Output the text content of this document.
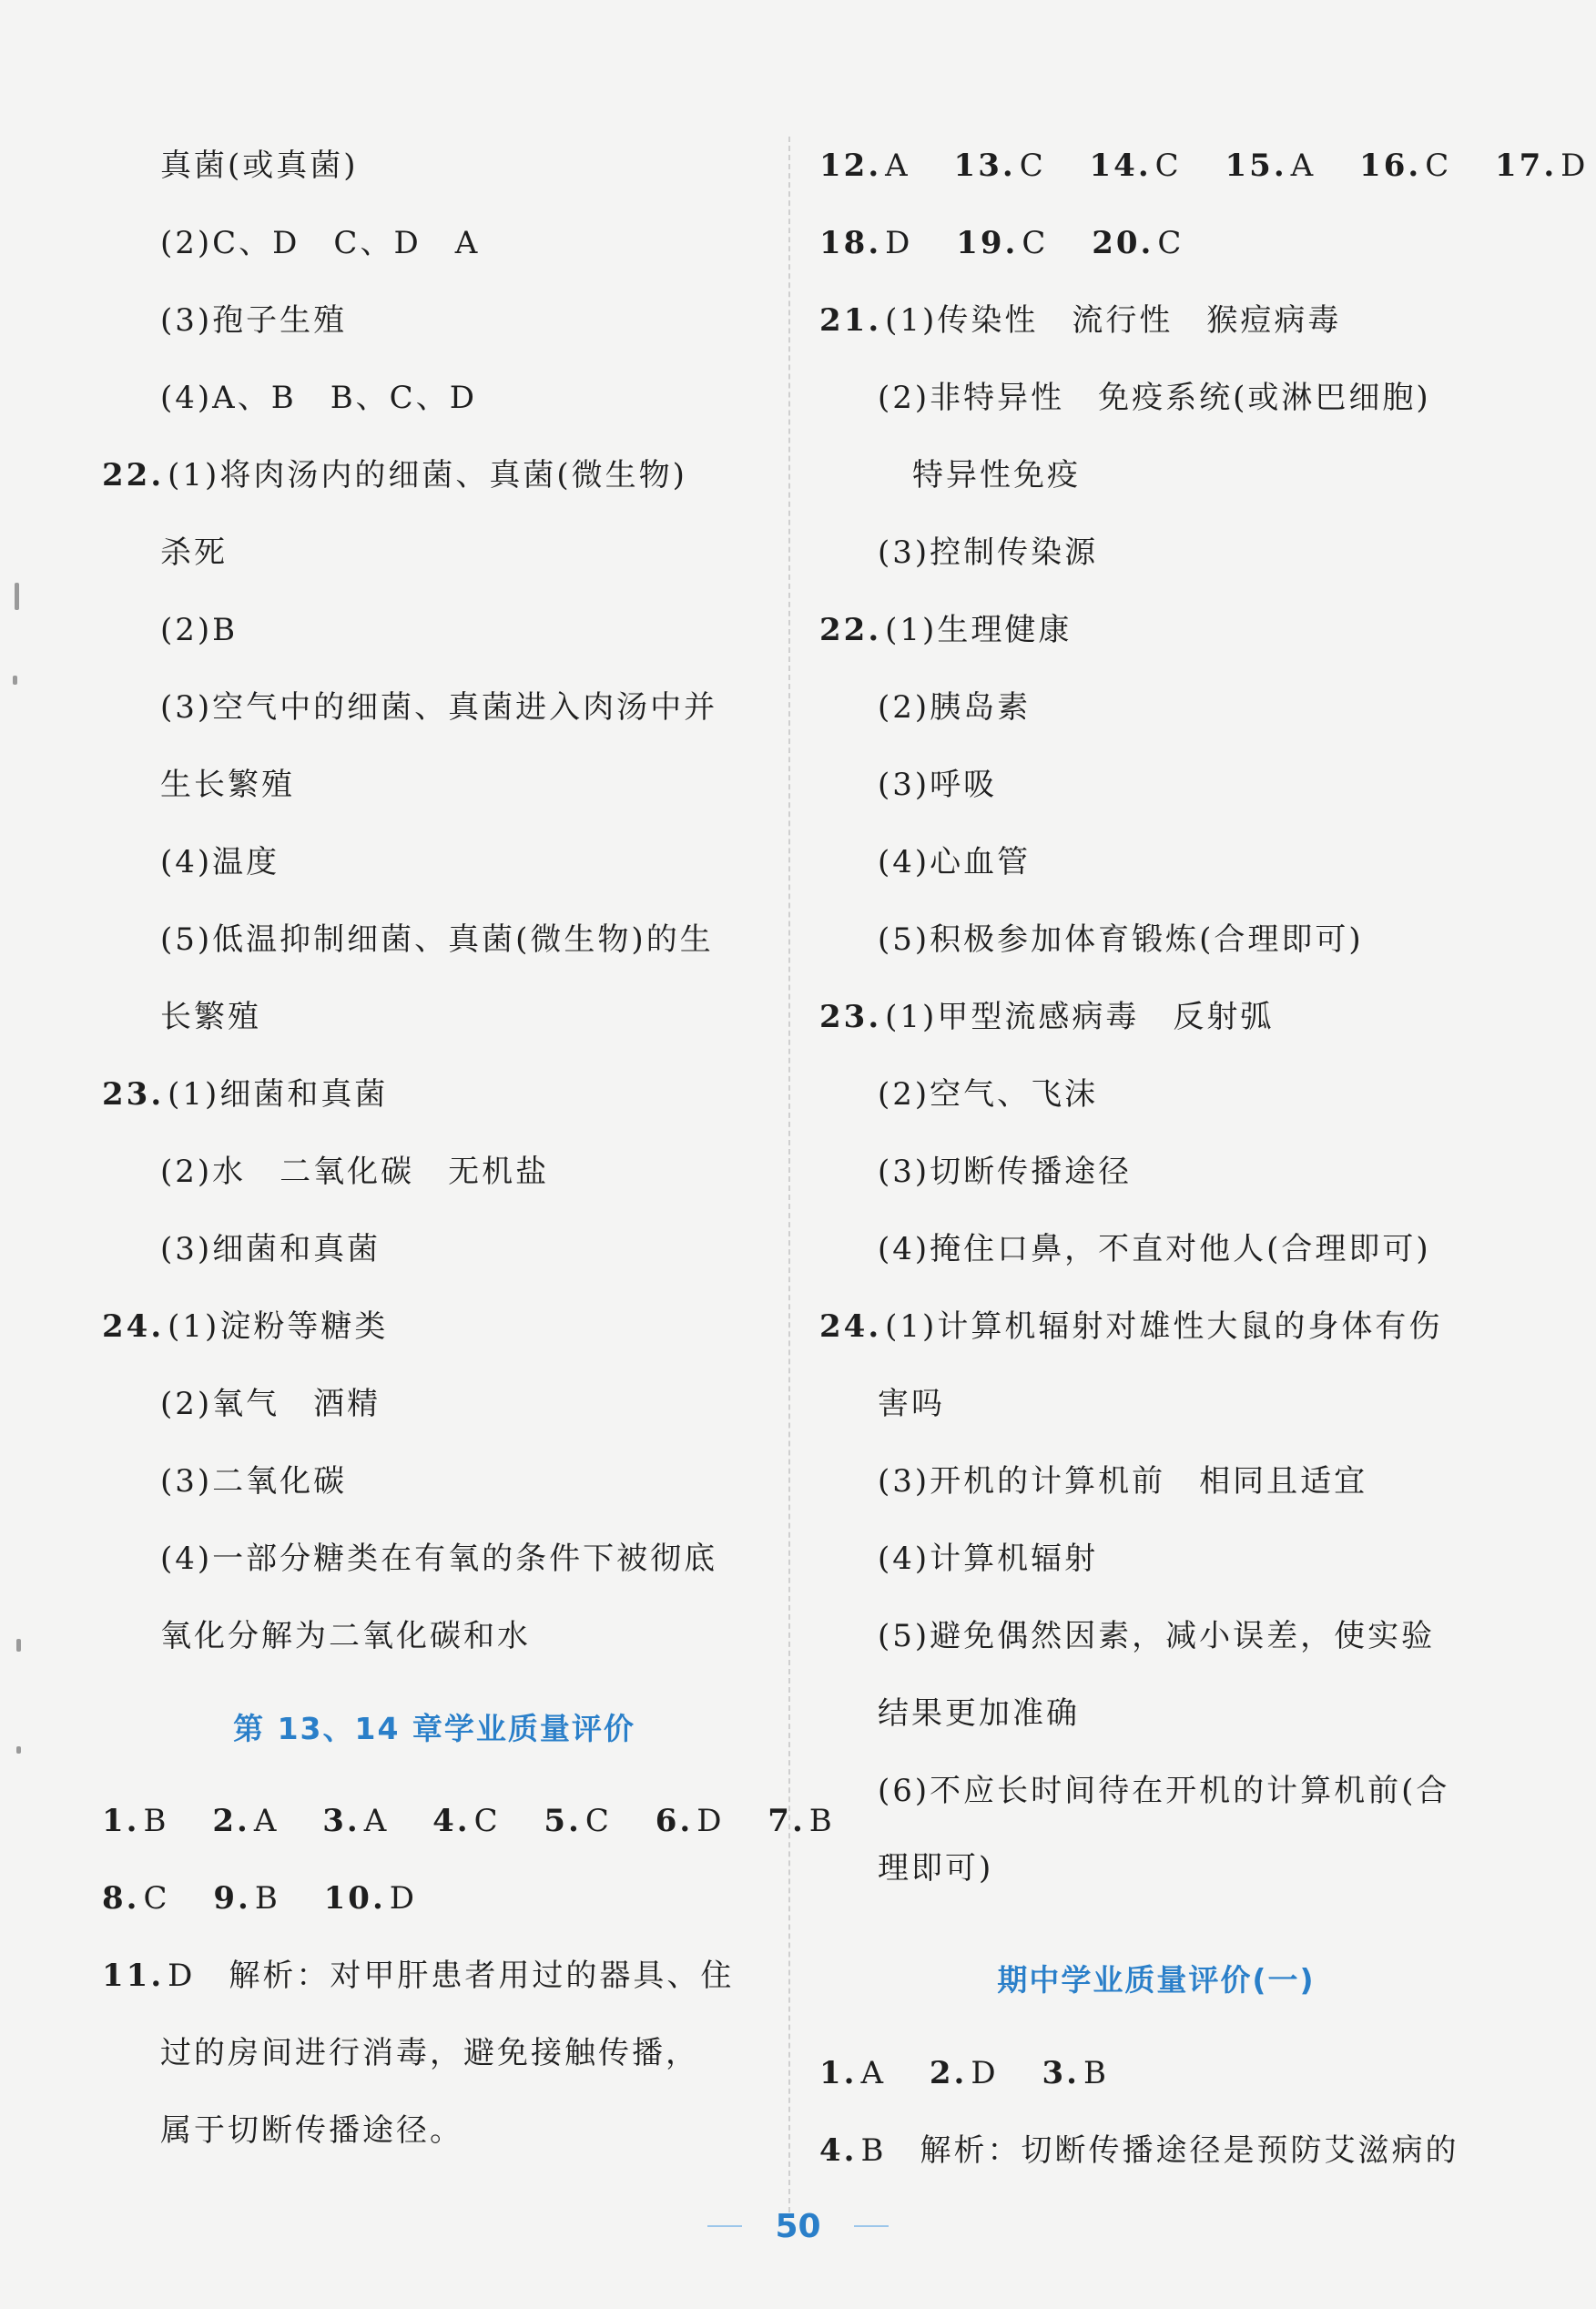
真菌(或真菌)
(2)C、D　C、D　A
(3)孢子生殖
(4)A、B　B、C、D
22. (1)将肉汤内的细菌、真菌(微生物)
杀死
(2)B
(3)空气中的细菌、真菌进入肉汤中并
生长繁殖
(4)温度
(5)低温抑制细菌、真菌(微生物)的生
长繁殖
23. (1)细菌和真菌
(2)水　二氧化碳　无机盐
(3)细菌和真菌
24. (1)淀粉等糖类
(2)氧气　酒精
(3)二氧化碳
(4)一部分糖类在有氧的条件下被彻底
氧化分解为二氧化碳和水
第 13、14 章学业质量评价
1. B 2. A 3. A 4. C 5. C 6. D 7. B
8. C 9. B 10. D
11. D　解析：对甲肝患者用过的器具、住
过的房间进行消毒，避免接触传播，
属于切断传播途径。
12. A 13. C 14. C 15. A 16. C 17. D
18. D 19. C 20. C
21. (1)传染性　流行性　猴痘病毒
(2)非特异性　免疫系统(或淋巴细胞)
特异性免疫
(3)控制传染源
22. (1)生理健康
(2)胰岛素
(3)呼吸
(4)心血管
(5)积极参加体育锻炼(合理即可)
23. (1)甲型流感病毒　反射弧
(2)空气、飞沫
(3)切断传播途径
(4)掩住口鼻，不直对他人(合理即可)
24. (1)计算机辐射对雄性大鼠的身体有伤
害吗
(3)开机的计算机前　相同且适宜
(4)计算机辐射
(5)避免偶然因素，减小误差，使实验
结果更加准确
(6)不应长时间待在开机的计算机前(合
理即可)
期中学业质量评价(一)
1. A 2. D 3. B
4. B　解析：切断传播途径是预防艾滋病的
50
